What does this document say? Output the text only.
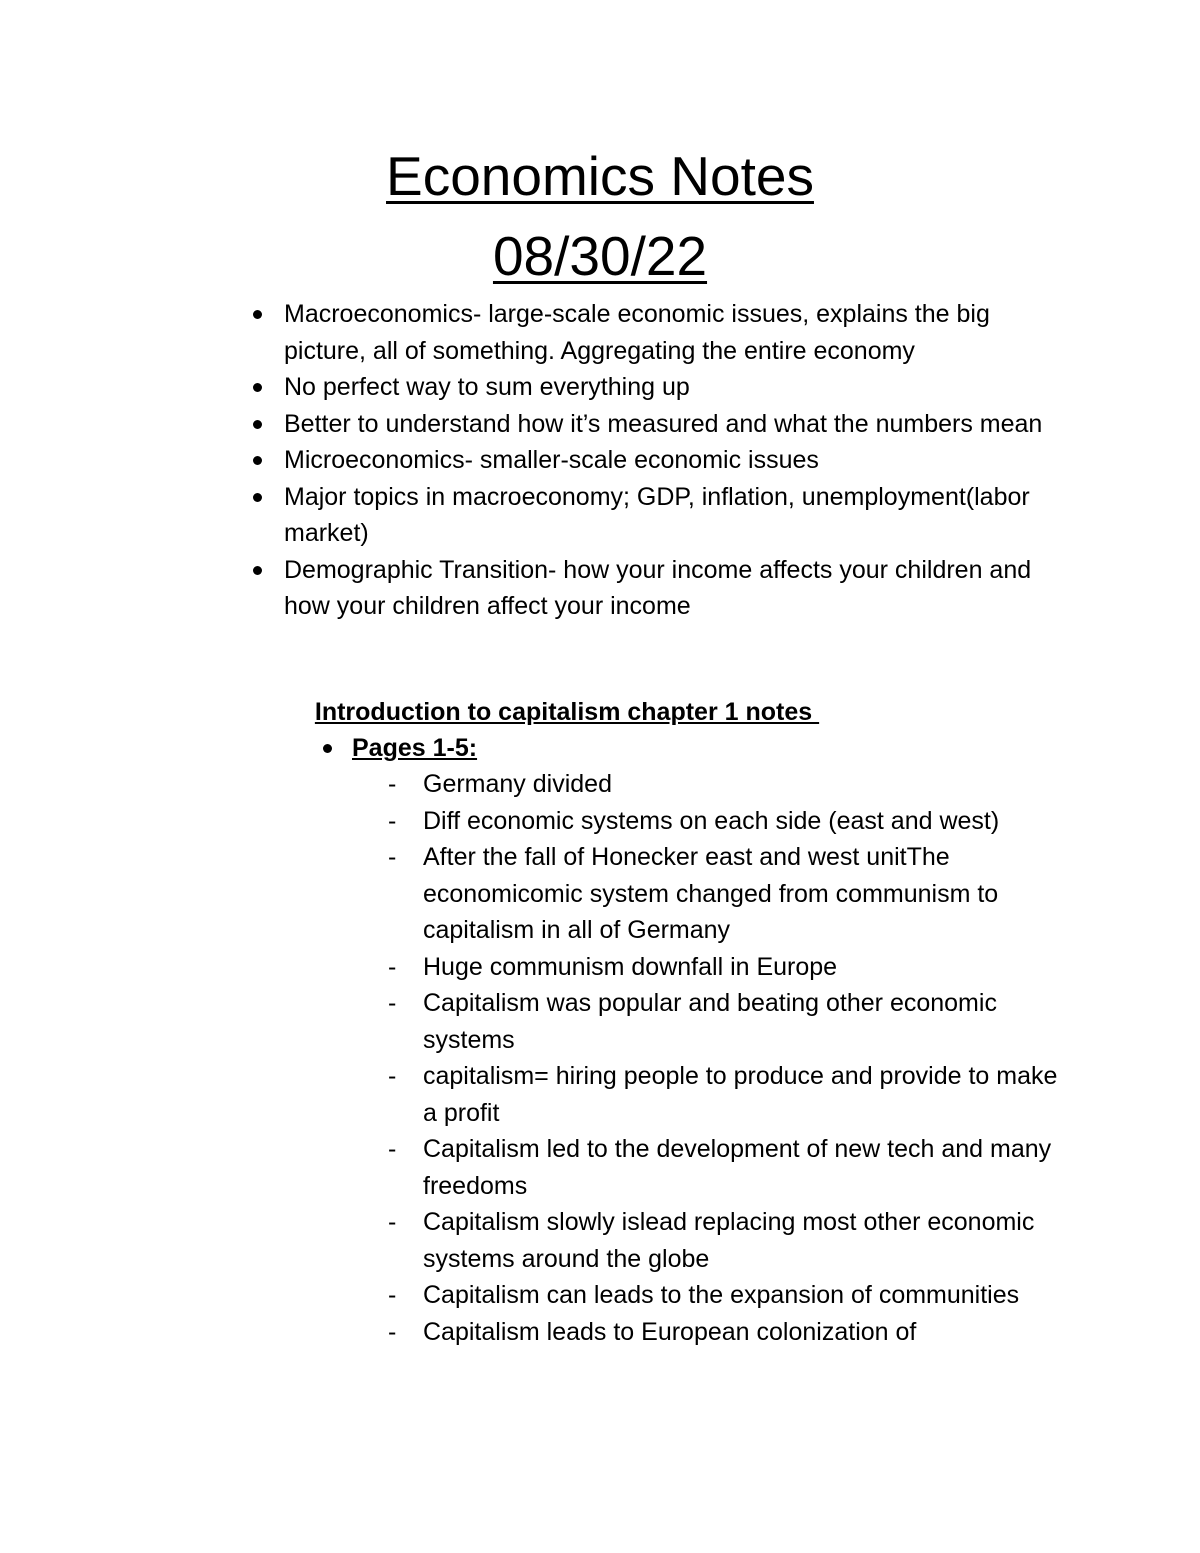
Economics Notes
08/30/22
Macroeconomics- large-scale economic issues, explains the big picture, all of something. Aggregating the entire economy
No perfect way to sum everything up
Better to understand how it’s measured and what the numbers mean
Microeconomics- smaller-scale economic issues
Major topics in macroeconomy; GDP, inflation, unemployment(labor market)
Demographic Transition- how your income affects your children and how your children affect your income
Introduction to capitalism chapter 1 notes
Pages 1-5:
- Germany divided
- Diff economic systems on each side (east and west)
- After the fall of Honecker east and west unitThe economicomic system changed from communism to capitalism in all of Germany
- Huge communism downfall in Europe
- Capitalism was popular and beating other economic systems
- capitalism= hiring people to produce and provide to make a profit
- Capitalism led to the development of new tech and many freedoms
- Capitalism slowly islead replacing most other economic systems around the globe
- Capitalism can leads to the expansion of communities
- Capitalism leads to European colonization of
